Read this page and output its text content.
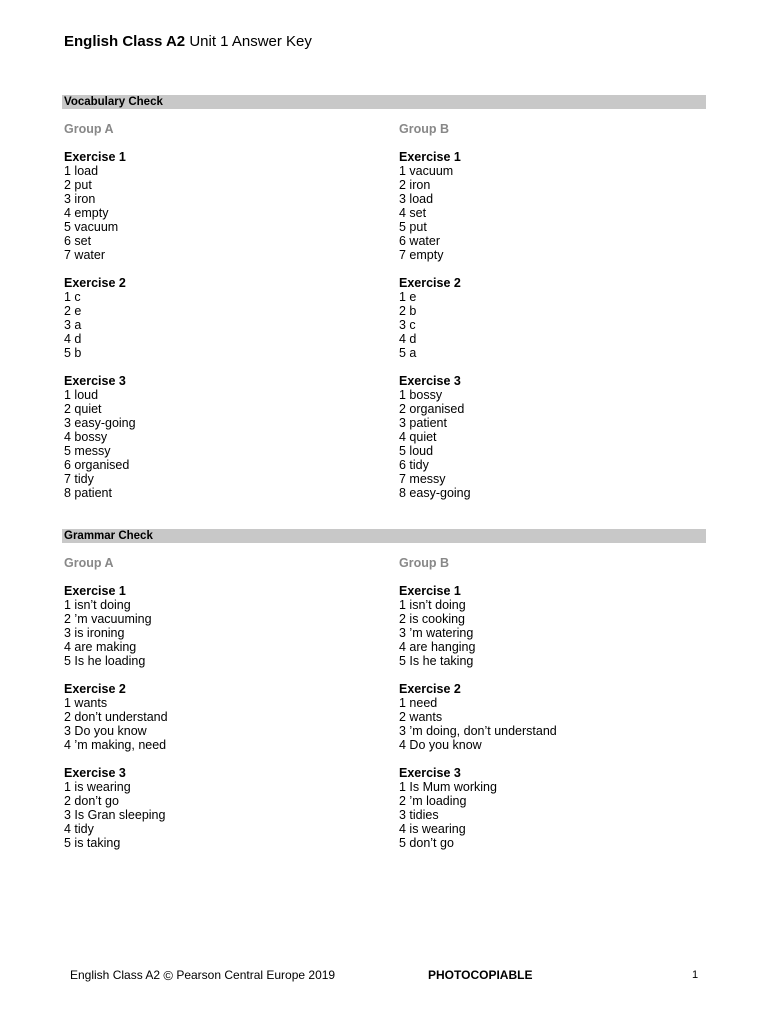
English Class A2 Unit 1 Answer Key
Vocabulary Check
Group A
Exercise 1
1 load
2 put
3 iron
4 empty
5 vacuum
6 set
7 water
Exercise 2
1 c
2 e
3 a
4 d
5 b
Exercise 3
1 loud
2 quiet
3 easy-going
4 bossy
5 messy
6 organised
7 tidy
8 patient
Group B
Exercise 1
1 vacuum
2 iron
3 load
4 set
5 put
6 water
7 empty
Exercise 2
1 e
2 b
3 c
4 d
5 a
Exercise 3
1 bossy
2 organised
3 patient
4 quiet
5 loud
6 tidy
7 messy
8 easy-going
Grammar Check
Group A
Exercise 1
1 isn’t doing
2 ’m vacuuming
3 is ironing
4 are making
5 Is he loading
Exercise 2
1 wants
2 don’t understand
3 Do you know
4 ’m making, need
Exercise 3
1 is wearing
2 don’t go
3 Is Gran sleeping
4 tidy
5 is taking
Group B
Exercise 1
1 isn’t doing
2 is cooking
3 ’m watering
4 are hanging
5 Is he taking
Exercise 2
1 need
2 wants
3 ’m doing, don’t understand
4 Do you know
Exercise 3
1 Is Mum working
2 ’m loading
3 tidies
4 is wearing
5 don’t go
English Class A2 © Pearson Central Europe 2019	PHOTOCOPIABLE	1
